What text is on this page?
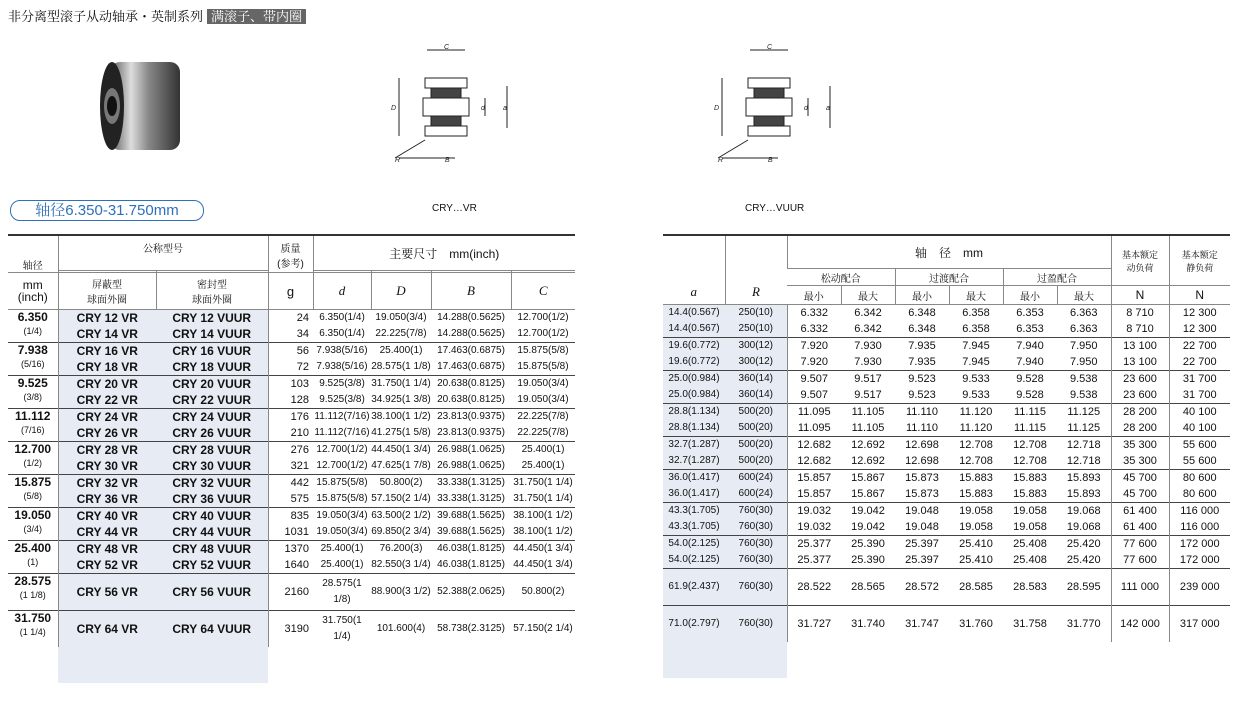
非分离型滚子从动轴承・英制系列 满滚子、带内圈
C
D	d	a
R	B
C
D	d	a
R	B
轴径6.350-31.750mm	CRY…VR	CRY…VUUR
轴径	公称型号		质量
(参考)	主要尺寸　mm(inch)			

mm
(inch)	屏蔽型
球面外圈	密封型
球面外圈	g	d	D	B	C

6.350
(1/4)	CRY 12 VR	CRY 12 VUUR	24	6.350(1/4)	19.050(3/4)	14.288(0.5625)	12.700(1/2)
	CRY 14 VR	CRY 14 VUUR	34	6.350(1/4)	22.225(7/8)	14.288(0.5625)	12.700(1/2)

7.938
(5/16)	CRY 16 VR	CRY 16 VUUR	56	7.938(5/16)	25.400(1)	17.463(0.6875)	15.875(5/8)
	CRY 18 VR	CRY 18 VUUR	72	7.938(5/16)	28.575(1 1/8)	17.463(0.6875)	15.875(5/8)

9.525
(3/8)	CRY 20 VR	CRY 20 VUUR	103	9.525(3/8)	31.750(1 1/4)	20.638(0.8125)	19.050(3/4)
	CRY 22 VR	CRY 22 VUUR	128	9.525(3/8)	34.925(1 3/8)	20.638(0.8125)	19.050(3/4)

11.112
(7/16)	CRY 24 VR	CRY 24 VUUR	176	11.112(7/16)	38.100(1 1/2)	23.813(0.9375)	22.225(7/8)
	CRY 26 VR	CRY 26 VUUR	210	11.112(7/16)	41.275(1 5/8)	23.813(0.9375)	22.225(7/8)

12.700
(1/2)	CRY 28 VR	CRY 28 VUUR	276	12.700(1/2)	44.450(1 3/4)	26.988(1.0625)	25.400(1)
	CRY 30 VR	CRY 30 VUUR	321	12.700(1/2)	47.625(1 7/8)	26.988(1.0625)	25.400(1)

15.875
(5/8)	CRY 32 VR	CRY 32 VUUR	442	15.875(5/8)	50.800(2)	33.338(1.3125)	31.750(1 1/4)
	CRY 36 VR	CRY 36 VUUR	575	15.875(5/8)	57.150(2 1/4)	33.338(1.3125)	31.750(1 1/4)

19.050
(3/4)	CRY 40 VR	CRY 40 VUUR	835	19.050(3/4)	63.500(2 1/2)	39.688(1.5625)	38.100(1 1/2)
	CRY 44 VR	CRY 44 VUUR	1031	19.050(3/4)	69.850(2 3/4)	39.688(1.5625)	38.100(1 1/2)

25.400
(1)	CRY 48 VR	CRY 48 VUUR	1370	25.400(1)	76.200(3)	46.038(1.8125)	44.450(1 3/4)
	CRY 52 VR	CRY 52 VUUR	1640	25.400(1)	82.550(3 1/4)	46.038(1.8125)	44.450(1 3/4)

28.575
(1 1/8)	CRY 56 VR	CRY 56 VUUR	2160	28.575(1 1/8)	88.900(3 1/2)	52.388(2.0625)	50.800(2)

31.750
(1 1/4)	CRY 64 VR	CRY 64 VUUR	3190	31.750(1 1/4)	101.600(4)	58.738(2.3125)	57.150(2 1/4)

a	R	轴　径　mm						基本额定
动负荷	基本额定
静负荷
		松动配合		过渡配合		过盈配合			
		最小	最大	最小	最大	最小	最大	N	N
14.4(0.567)	250(10)	6.332	6.342	6.348	6.358	6.353	6.363	8 710	12 300
14.4(0.567)	250(10)	6.332	6.342	6.348	6.358	6.353	6.363	8 710	12 300
19.6(0.772)	300(12)	7.920	7.930	7.935	7.945	7.940	7.950	13 100	22 700
19.6(0.772)	300(12)	7.920	7.930	7.935	7.945	7.940	7.950	13 100	22 700
25.0(0.984)	360(14)	9.507	9.517	9.523	9.533	9.528	9.538	23 600	31 700
25.0(0.984)	360(14)	9.507	9.517	9.523	9.533	9.528	9.538	23 600	31 700
28.8(1.134)	500(20)	11.095	11.105	11.110	11.120	11.115	11.125	28 200	40 100
28.8(1.134)	500(20)	11.095	11.105	11.110	11.120	11.115	11.125	28 200	40 100
32.7(1.287)	500(20)	12.682	12.692	12.698	12.708	12.708	12.718	35 300	55 600
32.7(1.287)	500(20)	12.682	12.692	12.698	12.708	12.708	12.718	35 300	55 600
36.0(1.417)	600(24)	15.857	15.867	15.873	15.883	15.883	15.893	45 700	80 600
36.0(1.417)	600(24)	15.857	15.867	15.873	15.883	15.883	15.893	45 700	80 600
43.3(1.705)	760(30)	19.032	19.042	19.048	19.058	19.058	19.068	61 400	116 000
43.3(1.705)	760(30)	19.032	19.042	19.048	19.058	19.058	19.068	61 400	116 000
54.0(2.125)	760(30)	25.377	25.390	25.397	25.410	25.408	25.420	77 600	172 000
54.0(2.125)	760(30)	25.377	25.390	25.397	25.410	25.408	25.420	77 600	172 000
61.9(2.437)	760(30)	28.522	28.565	28.572	28.585	28.583	28.595	111 000	239 000
71.0(2.797)	760(30)	31.727	31.740	31.747	31.760	31.758	31.770	142 000	317 000
